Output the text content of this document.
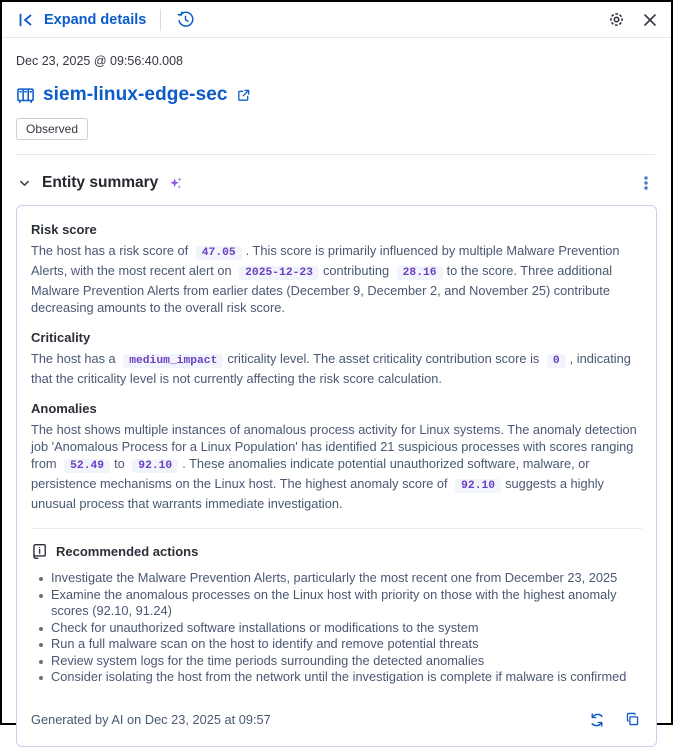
Expand details
Dec 23, 2025 @ 09:56:40.008
siem-linux-edge-sec
Observed
Entity summary
Risk score
The host has a risk score of 47.05 . This score is primarily influenced by multiple Malware Prevention Alerts, with the most recent alert on 2025-12-23 contributing 28.16 to the score. Three additional Malware Prevention Alerts from earlier dates (December 9, December 2, and November 25) contribute decreasing amounts to the overall risk score.
Criticality
The host has a medium_impact criticality level. The asset criticality contribution score is 0 , indicating that the criticality level is not currently affecting the risk score calculation.
Anomalies
The host shows multiple instances of anomalous process activity for Linux systems. The anomaly detection job 'Anomalous Process for a Linux Population' has identified 21 suspicious processes with scores ranging from 52.49 to 92.10 . These anomalies indicate potential unauthorized software, malware, or persistence mechanisms on the Linux host. The highest anomaly score of 92.10 suggests a highly unusual process that warrants immediate investigation.
Recommended actions
Investigate the Malware Prevention Alerts, particularly the most recent one from December 23, 2025
Examine the anomalous processes on the Linux host with priority on those with the highest anomaly scores (92.10, 91.24)
Check for unauthorized software installations or modifications to the system
Run a full malware scan on the host to identify and remove potential threats
Review system logs for the time periods surrounding the detected anomalies
Consider isolating the host from the network until the investigation is complete if malware is confirmed
Generated by AI on Dec 23, 2025 at 09:57
